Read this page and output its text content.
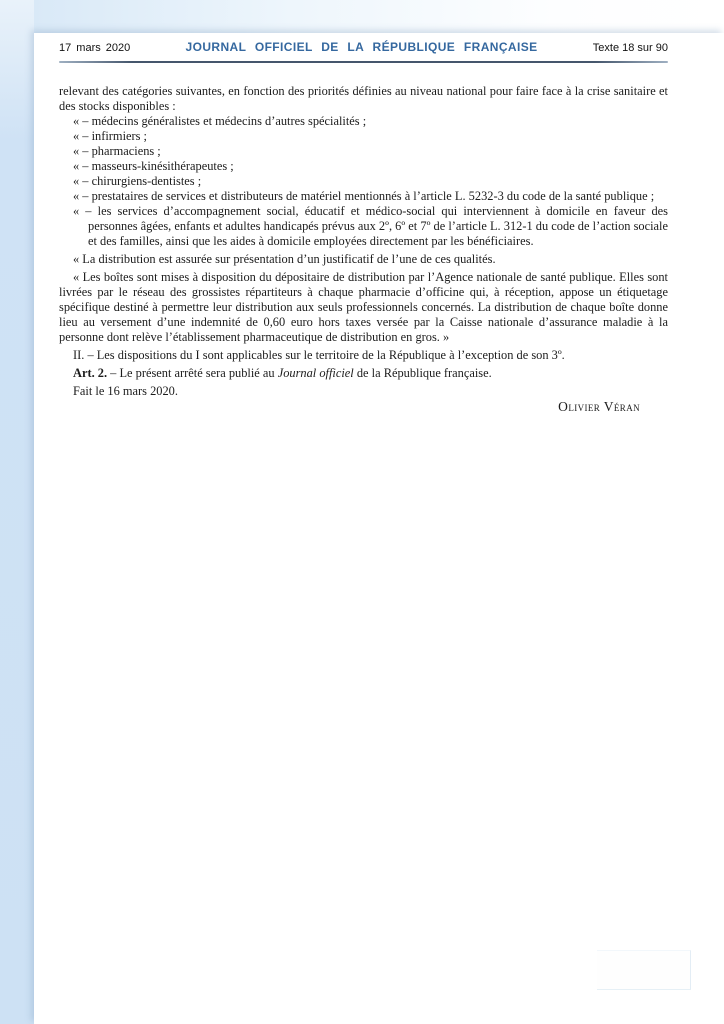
17 mars 2020	JOURNAL OFFICIEL DE LA RÉPUBLIQUE FRANÇAISE	Texte 18 sur 90

relevant des catégories suivantes, en fonction des priorités définies au niveau national pour faire face à la crise sanitaire et des stocks disponibles :

« – médecins généralistes et médecins d’autres spécialités ;

« – infirmiers ;

« – pharmaciens ;

« – masseurs-kinésithérapeutes ;

« – chirurgiens-dentistes ;

« – prestataires de services et distributeurs de matériel mentionnés à l’article L. 5232-3 du code de la santé publique ;

« – les services d’accompagnement social, éducatif et médico-social qui interviennent à domicile en faveur des personnes âgées, enfants et adultes handicapés prévus aux 2º, 6º et 7º de l’article L. 312-1 du code de l’action sociale et des familles, ainsi que les aides à domicile employées directement par les bénéficiaires.

« La distribution est assurée sur présentation d’un justificatif de l’une de ces qualités.

« Les boîtes sont mises à disposition du dépositaire de distribution par l’Agence nationale de santé publique. Elles sont livrées par le réseau des grossistes répartiteurs à chaque pharmacie d’officine qui, à réception, appose un étiquetage spécifique destiné à permettre leur distribution aux seuls professionnels concernés. La distribution de chaque boîte donne lieu au versement d’une indemnité de 0,60 euro hors taxes versée par la Caisse nationale d’assurance maladie à la personne dont relève l’établissement pharmaceutique de distribution en gros. »

II. – Les dispositions du I sont applicables sur le territoire de la République à l’exception de son 3º.

Art. 2. – Le présent arrêté sera publié au Journal officiel de la République française.

Fait le 16 mars 2020.

Olivier Véran
